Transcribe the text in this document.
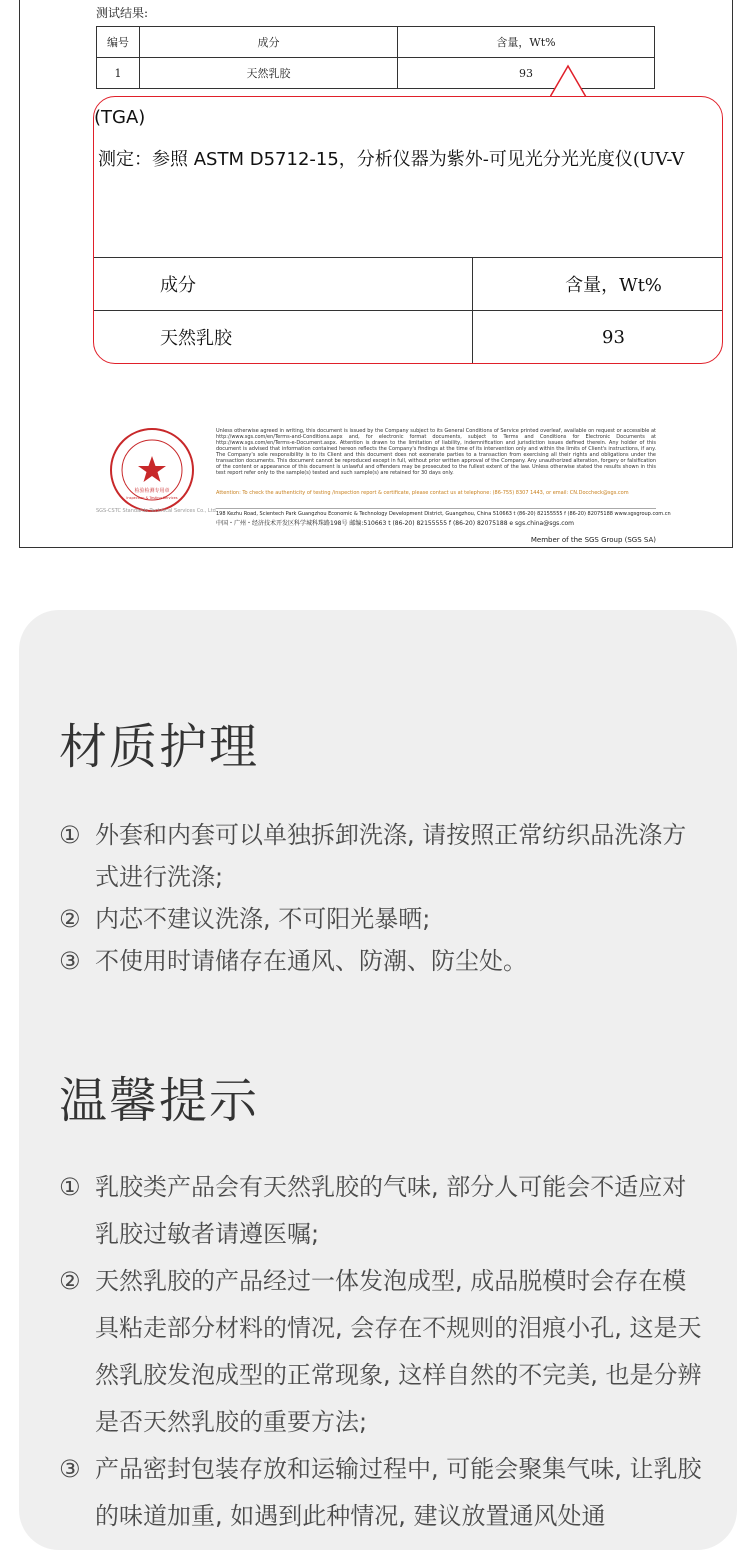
测试结果:
编号	成分	含量，Wt%
1	天然乳胶	93
(TGA)
测定：参照 ASTM D5712-15，分析仪器为紫外-可见光分光光度仪(UV-V
成分	含量，Wt%
天然乳胶	93
检验检测专用章
Inspection & Testing Services
SGS-CSTC Standards Technical Services Co., Ltd.
Unless otherwise agreed in writing, this document is issued by the Company subject to its General Conditions of Service printed overleaf, available on request or accessible at http://www.sgs.com/en/Terms-and-Conditions.aspx and, for electronic format documents, subject to Terms and Conditions for Electronic Documents at http://www.sgs.com/en/Terms-e-Document.aspx. Attention is drawn to the limitation of liability, indemnification and jurisdiction issues defined therein. Any holder of this document is advised that information contained hereon reflects the Company's findings at the time of its intervention only and within the limits of Client's instructions, if any. The Company's sole responsibility is to its Client and this document does not exonerate parties to a transaction from exercising all their rights and obligations under the transaction documents. This document cannot be reproduced except in full, without prior written approval of the Company. Any unauthorized alteration, forgery or falsification of the content or appearance of this document is unlawful and offenders may be prosecuted to the fullest extent of the law. Unless otherwise stated the results shown in this test report refer only to the sample(s) tested and such sample(s) are retained for 30 days only.
Attention: To check the authenticity of testing /inspection report & certificate, please contact us at telephone: (86-755) 8307 1443, or email: CN.Doccheck@sgs.com
198 Kezhu Road, Scientech Park Guangzhou Economic & Technology Development District, Guangzhou, China 510663 t (86-20) 82155555 f (86-20) 82075188 www.sgsgroup.com.cn
中国・广州・经济技术开发区科学城科珠路198号 邮编:510663 t (86-20) 82155555 f (86-20) 82075188 e sgs.china@sgs.com
Member of the SGS Group (SGS SA)
材质护理
① 外套和内套可以单独拆卸洗涤, 请按照正常纺织品洗涤方式进行洗涤;
② 内芯不建议洗涤, 不可阳光暴晒;
③ 不使用时请储存在通风、防潮、防尘处。
温馨提示
① 乳胶类产品会有天然乳胶的气味, 部分人可能会不适应对乳胶过敏者请遵医嘱;
② 天然乳胶的产品经过一体发泡成型, 成品脱模时会存在模具粘走部分材料的情况, 会存在不规则的泪痕小孔, 这是天然乳胶发泡成型的正常现象, 这样自然的不完美, 也是分辨是否天然乳胶的重要方法;
③ 产品密封包装存放和运输过程中, 可能会聚集气味, 让乳胶的味道加重, 如遇到此种情况, 建议放置通风处通
